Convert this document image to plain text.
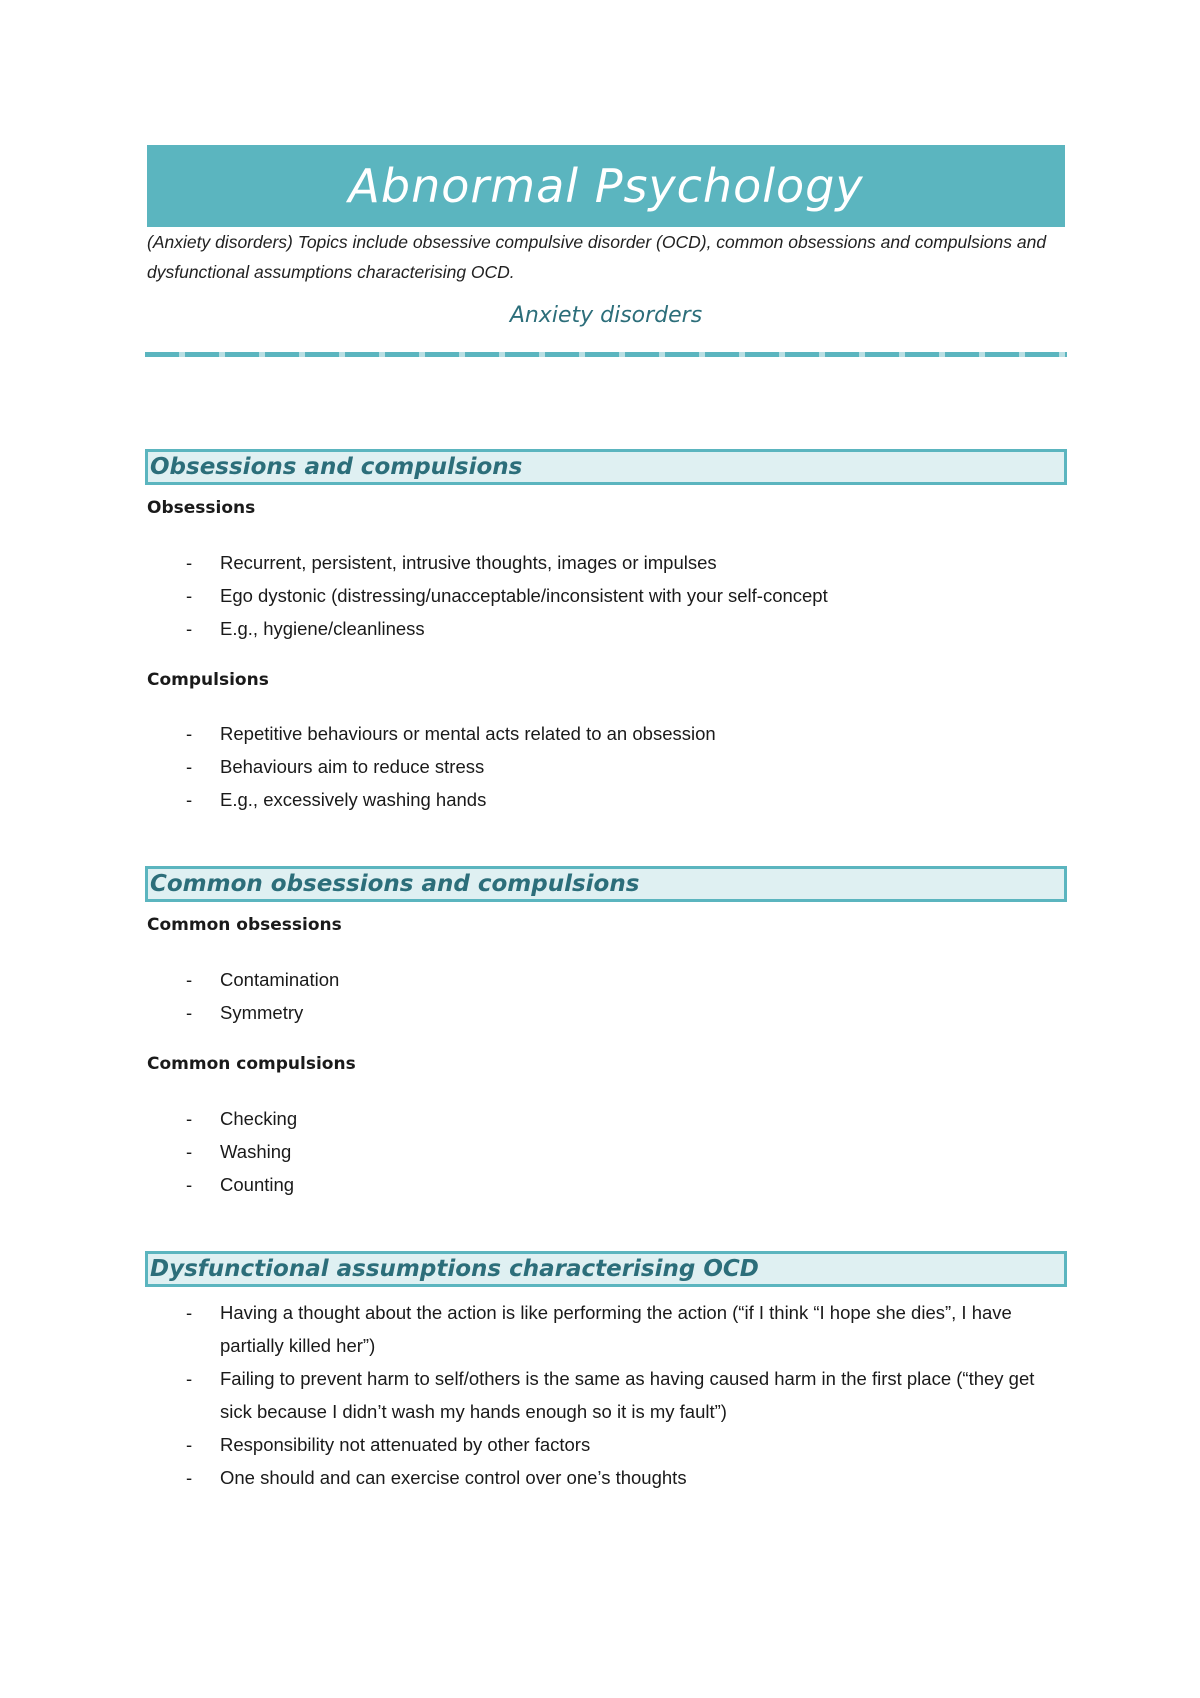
Abnormal Psychology
(Anxiety disorders) Topics include obsessive compulsive disorder (OCD), common obsessions and compulsions and dysfunctional assumptions characterising OCD.
Anxiety disorders
Obsessions and compulsions
Obsessions
- Recurrent, persistent, intrusive thoughts, images or impulses
- Ego dystonic (distressing/unacceptable/inconsistent with your self-concept
- E.g., hygiene/cleanliness
Compulsions
- Repetitive behaviours or mental acts related to an obsession
- Behaviours aim to reduce stress
- E.g., excessively washing hands
Common obsessions and compulsions
Common obsessions
- Contamination
- Symmetry
Common compulsions
- Checking
- Washing
- Counting
Dysfunctional assumptions characterising OCD
- Having a thought about the action is like performing the action (“if I think “I hope she dies”, I have partially killed her”)
- Failing to prevent harm to self/others is the same as having caused harm in the first place (“they get sick because I didn’t wash my hands enough so it is my fault”)
- Responsibility not attenuated by other factors
- One should and can exercise control over one’s thoughts
